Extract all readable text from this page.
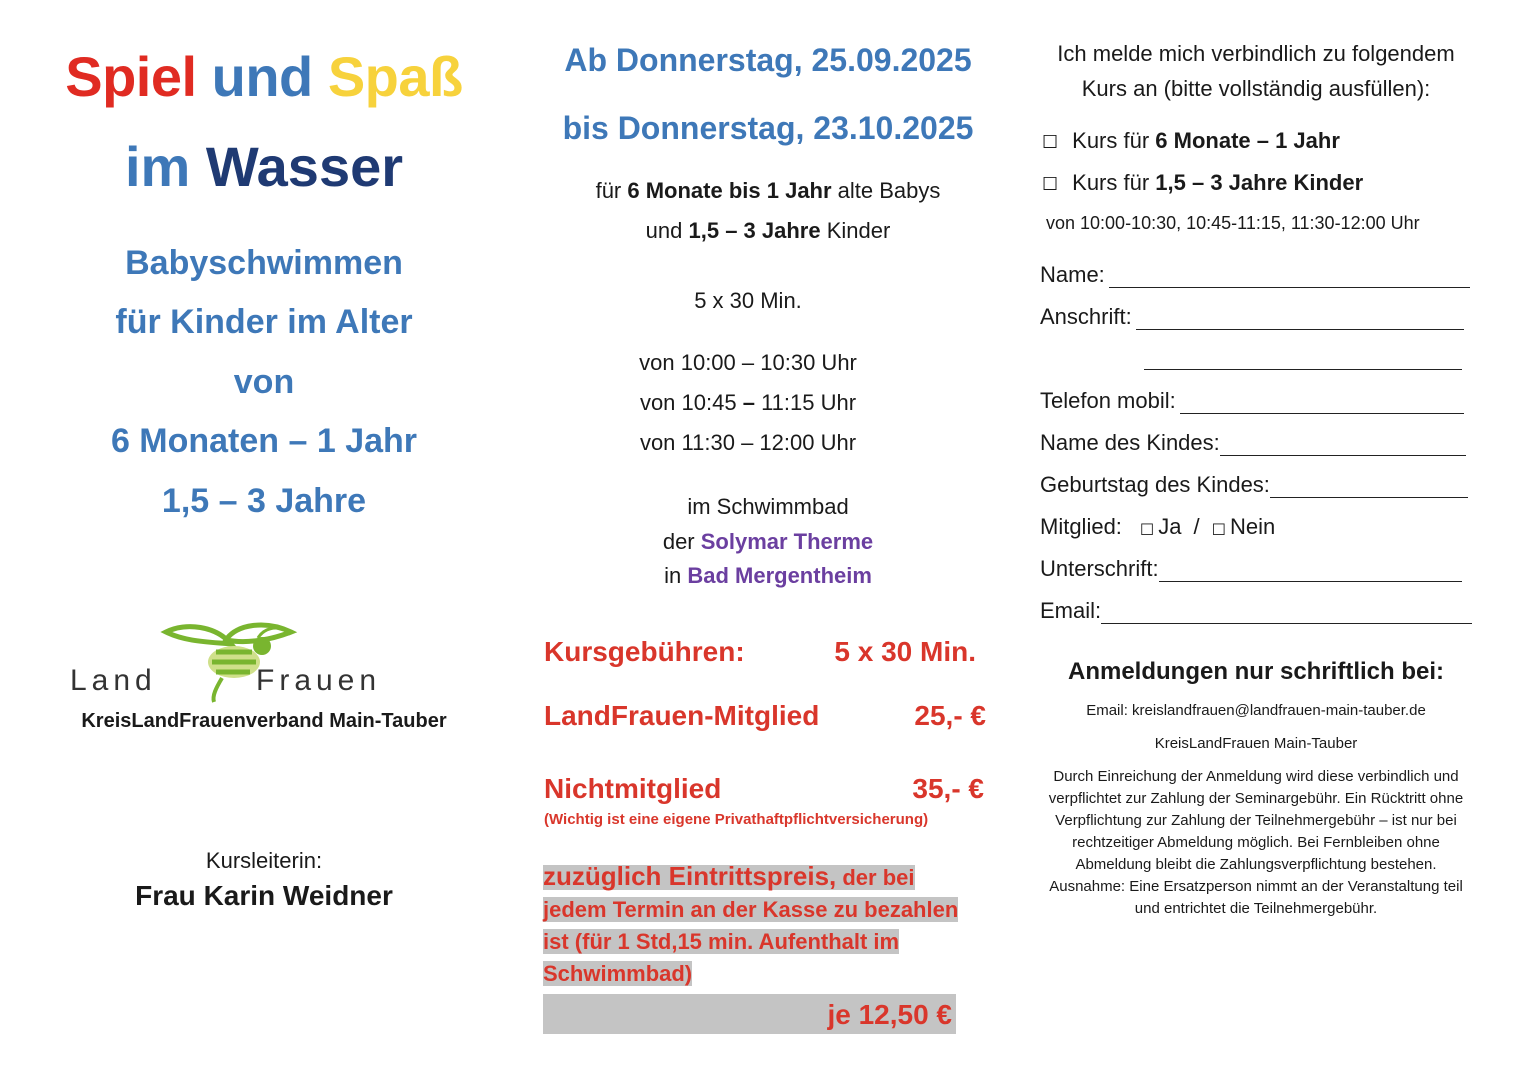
Spiel und Spaß
im Wasser
Babyschwimmen
für Kinder im Alter
von
6 Monaten – 1 Jahr
1,5 – 3 Jahre
Land	Frauen
KreisLandFrauenverband Main-Tauber
Kursleiterin:
Frau Karin Weidner
Ab Donnerstag, 25.09.2025
bis Donnerstag, 23.10.2025
für 6 Monate bis 1 Jahr alte Babys
und 1,5 – 3 Jahre Kinder
5 x 30 Min.
von 10:00 – 10:30 Uhr
von 10:45 – 11:15 Uhr
von 11:30 – 12:00 Uhr
im Schwimmbad
der Solymar Therme
in Bad Mergentheim
Kursgebühren:	5 x 30 Min.
LandFrauen-Mitglied	25,- €
Nichtmitglied	35,- €
(Wichtig ist eine eigene Privathaftpflichtversicherung)
zuzüglich Eintrittspreis, der bei jedem Termin an der Kasse zu bezahlen ist (für 1 Std,15 min. Aufenthalt im Schwimmbad)
je 12,50 €
Ich melde mich verbindlich zu folgendem
Kurs an (bitte vollständig ausfüllen):
☐ Kurs für 6 Monate – 1 Jahr
☐ Kurs für 1,5 – 3 Jahre Kinder
von 10:00-10:30, 10:45-11:15, 11:30-12:00 Uhr
Name:
Anschrift:
Telefon mobil:
Name des Kindes:
Geburtstag des Kindes:
Mitglied: ☐ Ja / ☐ Nein
Unterschrift:
Email:
Anmeldungen nur schriftlich bei:
Email: kreislandfrauen@landfrauen-main-tauber.de
KreisLandFrauen Main-Tauber
Durch Einreichung der Anmeldung wird diese verbindlich und verpflichtet zur Zahlung der Seminargebühr. Ein Rücktritt ohne Verpflichtung zur Zahlung der Teilnehmergebühr – ist nur bei rechtzeitiger Abmeldung möglich. Bei Fernbleiben ohne Abmeldung bleibt die Zahlungsverpflichtung bestehen. Ausnahme: Eine Ersatzperson nimmt an der Veranstaltung teil und entrichtet die Teilnehmergebühr.
